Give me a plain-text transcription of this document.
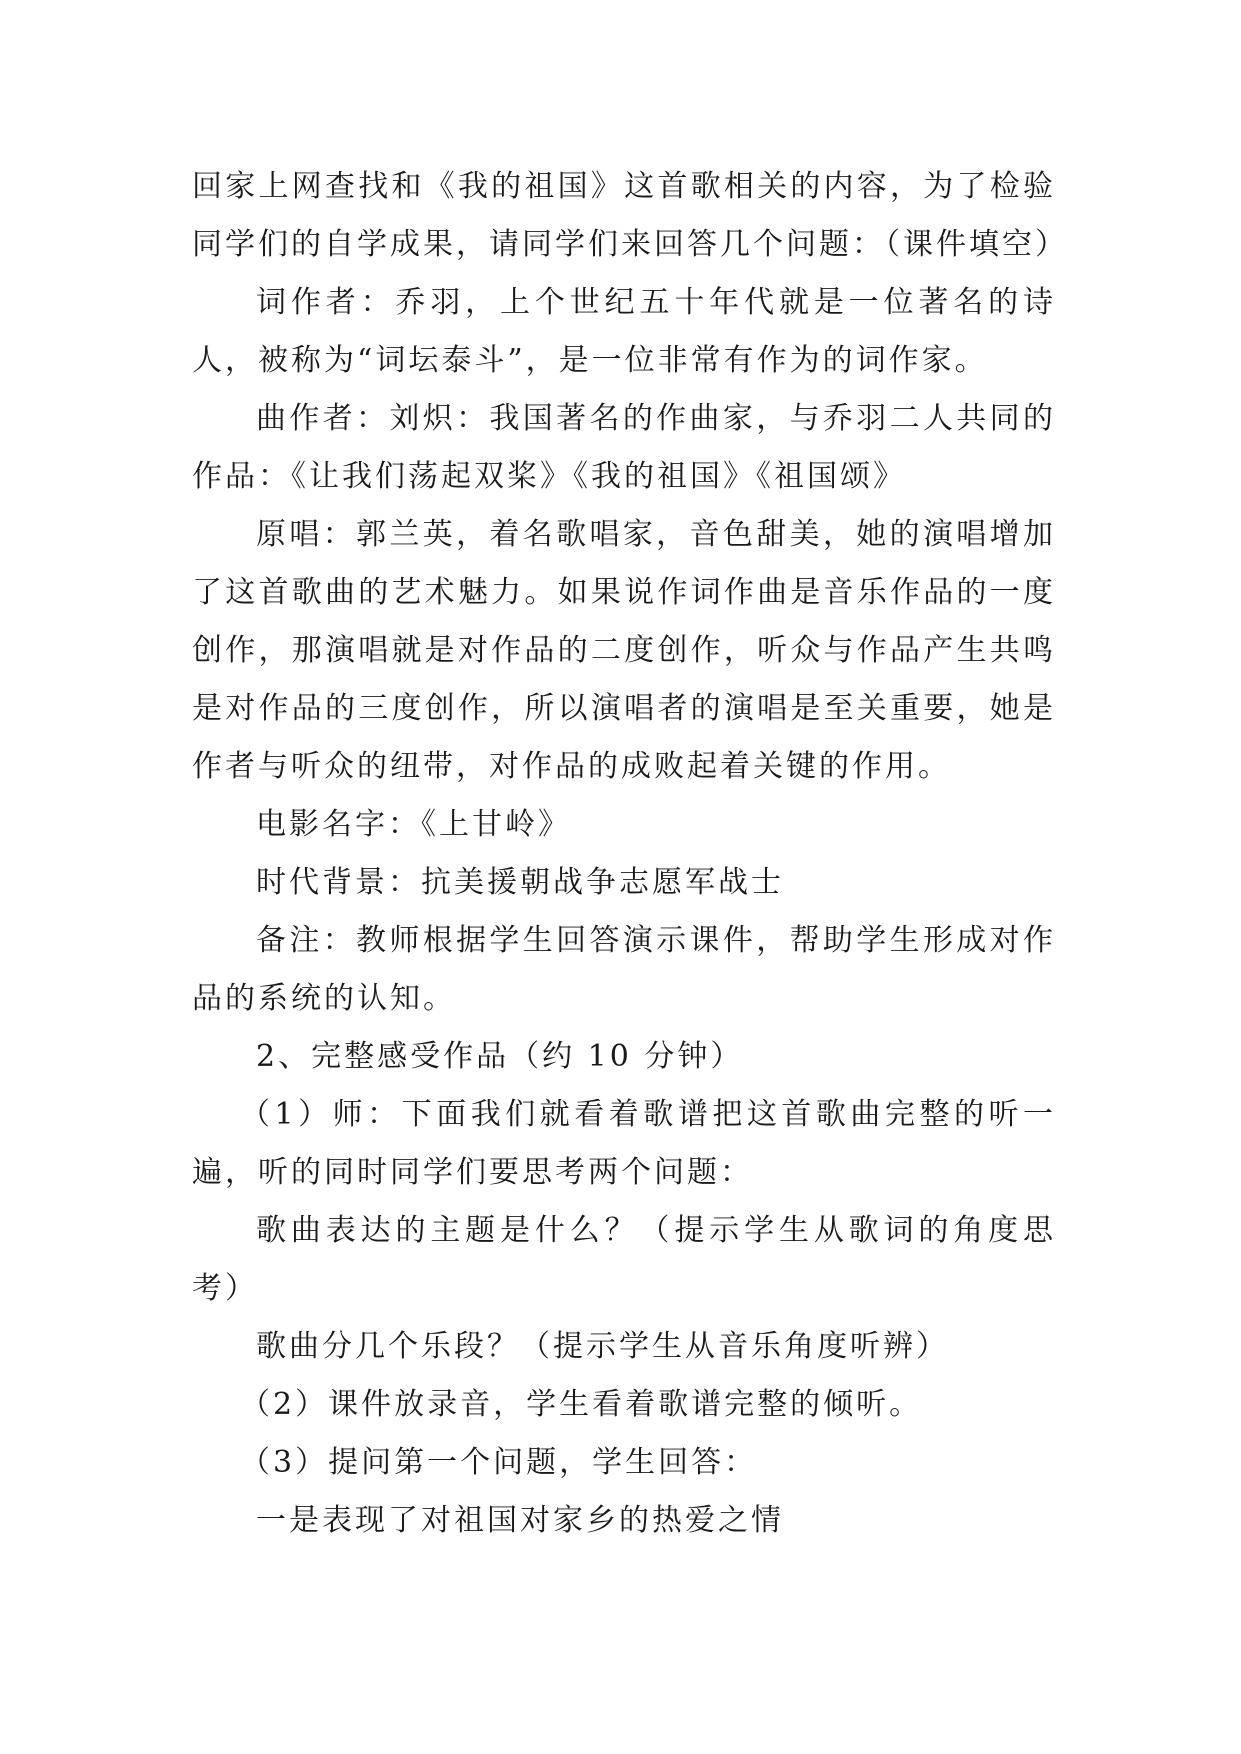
回家上网查找和《我的祖国》这首歌相关的内容，为了检验同学们的自学成果，请同学们来回答几个问题：（课件填空）

词作者：乔羽，上个世纪五十年代就是一位著名的诗人，被称为“词坛泰斗”，是一位非常有作为的词作家。

曲作者：刘炽：我国著名的作曲家，与乔羽二人共同的作品：《让我们荡起双桨》《我的祖国》《祖国颂》

原唱：郭兰英，着名歌唱家，音色甜美，她的演唱增加了这首歌曲的艺术魅力。如果说作词作曲是音乐作品的一度创作，那演唱就是对作品的二度创作，听众与作品产生共鸣是对作品的三度创作，所以演唱者的演唱是至关重要，她是作者与听众的纽带，对作品的成败起着关键的作用。

电影名字：《上甘岭》

时代背景：抗美援朝战争志愿军战士

备注：教师根据学生回答演示课件，帮助学生形成对作品的系统的认知。

2、完整感受作品（约 10 分钟）

（1）师：下面我们就看着歌谱把这首歌曲完整的听一遍，听的同时同学们要思考两个问题：

歌曲表达的主题是什么？（提示学生从歌词的角度思考）

歌曲分几个乐段？（提示学生从音乐角度听辨）

（2）课件放录音，学生看着歌谱完整的倾听。

（3）提问第一个问题，学生回答：

一是表现了对祖国对家乡的热爱之情
